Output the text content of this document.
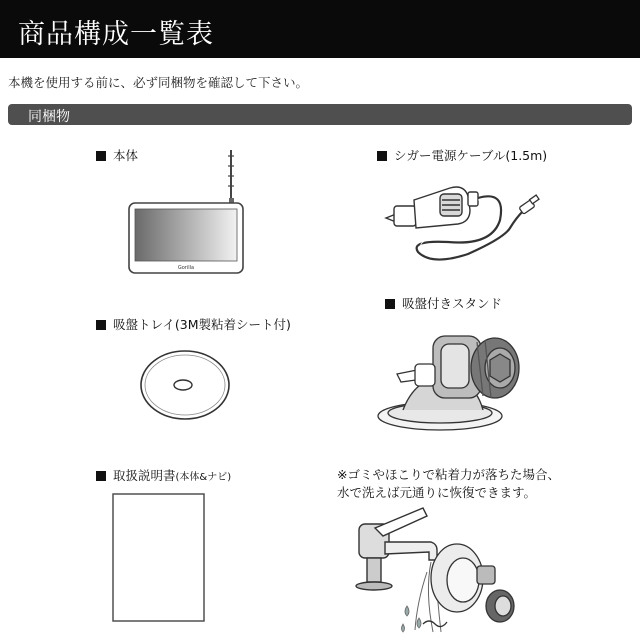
商品構成一覧表
本機を使用する前に、必ず同梱物を確認して下さい。
同梱物
本体	シガー電源ケーブル(1.5m)
吸盤付きスタンド
吸盤トレイ(3M製粘着シート付)
取扱説明書(本体&ナビ)
Gorilla
※ゴミやほこりで粘着力が落ちた場合、
水で洗えば元通りに恢復できます。
